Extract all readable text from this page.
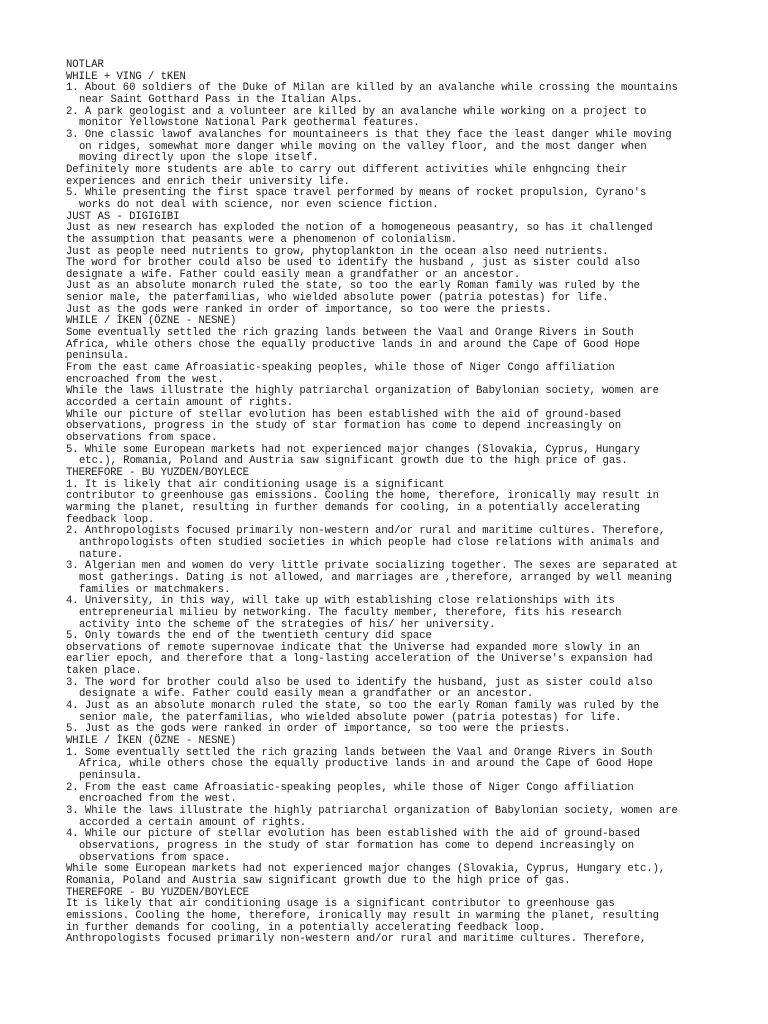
NOTLAR
WHILE + VING / tKEN
1. About 60 soldiers of the Duke of Milan are killed by an avalanche while crossing the mountains
near Saint Gotthard Pass in the Italian Alps.
2. A park geologist and a volunteer are killed by an avalanche while working on a project to
monitor Yellowstone National Park geothermal features.
3. One classic lawof avalanches for mountaineers is that they face the least danger while moving
on ridges, somewhat more danger while moving on the valley floor, and the most danger when
moving directly upon the slope itself.
Definitely more students are able to carry out different activities while enhgncing their
experiences and enrich their university life.
5. While presenting the first space travel performed by means of rocket propulsion, Cyrano's
works do not deal with science, nor even science fiction.
JUST AS - DIGIGIBI
Just as new research has exploded the notion of a homogeneous peasantry, so has it challenged
the assumption that peasants were a phenomenon of colonialism.
Just as people need nutrients to grow, phytoplankton in the ocean also need nutrients.
The word for brother could also be used to identify the husband , just as sister could also
designate a wife. Father could easily mean a grandfather or an ancestor.
Just as an absolute monarch ruled the state, so too the early Roman family was ruled by the
senior male, the paterfamilias, who wielded absolute power (patria potestas) for life.
Just as the gods were ranked in order of importance, so too were the priests.
WHILE / İKEN (ÖZNE - NESNE)
Some eventually settled the rich grazing lands between the Vaal and Orange Rivers in South
Africa, while others chose the equally productive lands in and around the Cape of Good Hope
peninsula.
From the east came Afroasiatic-speaking peoples, while those of Niger Congo affiliation
encroached from the west.
While the laws illustrate the highly patriarchal organization of Babylonian society, women are
accorded a certain amount of rights.
While our picture of stellar evolution has been established with the aid of ground-based
observations, progress in the study of star formation has come to depend increasingly on
observations from space.
5. While some European markets had not experienced major changes (Slovakia, Cyprus, Hungary
etc.), Romania, Poland and Austria saw significant growth due to the high price of gas.
THEREFORE - BU YUZDEN/BOYLECE
1. It is likely that air conditioning usage is a significant
contributor to greenhouse gas emissions. Cooling the home, therefore, ironically may result in
warming the planet, resulting in further demands for cooling, in a potentially accelerating
feedback loop.
2. Anthropologists focused primarily non-western and/or rural and maritime cultures. Therefore,
anthropologists often studied societies in which people had close relations with animals and
nature.
3. Algerian men and women do very little private socializing together. The sexes are separated at
most gatherings. Dating is not allowed, and marriages are ,therefore, arranged by well meaning
families or matchmakers.
4. University, in this way, will take up with establishing close relationships with its
entrepreneurial milieu by networking. The faculty member, therefore, fits his research
activity into the scheme of the strategies of his/ her university.
5. Only towards the end of the twentieth century did space
observations of remote supernovae indicate that the Universe had expanded more slowly in an
earlier epoch, and therefore that a long-lasting acceleration of the Universe's expansion had
taken place.
3. The word for brother could also be used to identify the husband, just as sister could also
designate a wife. Father could easily mean a grandfather or an ancestor.
4. Just as an absolute monarch ruled the state, so too the early Roman family was ruled by the
senior male, the paterfamilias, who wielded absolute power (patria potestas) for life.
5. Just as the gods were ranked in order of importance, so too were the priests.
WHILE / İKEN (ÖZNE - NESNE)
1. Some eventually settled the rich grazing lands between the Vaal and Orange Rivers in South
Africa, while others chose the equally productive lands in and around the Cape of Good Hope
peninsula.
2. From the east came Afroasiatic-speaking peoples, while those of Niger Congo affiliation
encroached from the west.
3. While the laws illustrate the highly patriarchal organization of Babylonian society, women are
accorded a certain amount of rights.
4. While our picture of stellar evolution has been established with the aid of ground-based
observations, progress in the study of star formation has come to depend increasingly on
observations from space.
While some European markets had not experienced major changes (Slovakia, Cyprus, Hungary etc.),
Romania, Poland and Austria saw significant growth due to the high price of gas.
THEREFORE - BU YUZDEN/BOYLECE
It is likely that air conditioning usage is a significant contributor to greenhouse gas
emissions. Cooling the home, therefore, ironically may result in warming the planet, resulting
in further demands for cooling, in a potentially accelerating feedback loop.
Anthropologists focused primarily non-western and/or rural and maritime cultures. Therefore,
